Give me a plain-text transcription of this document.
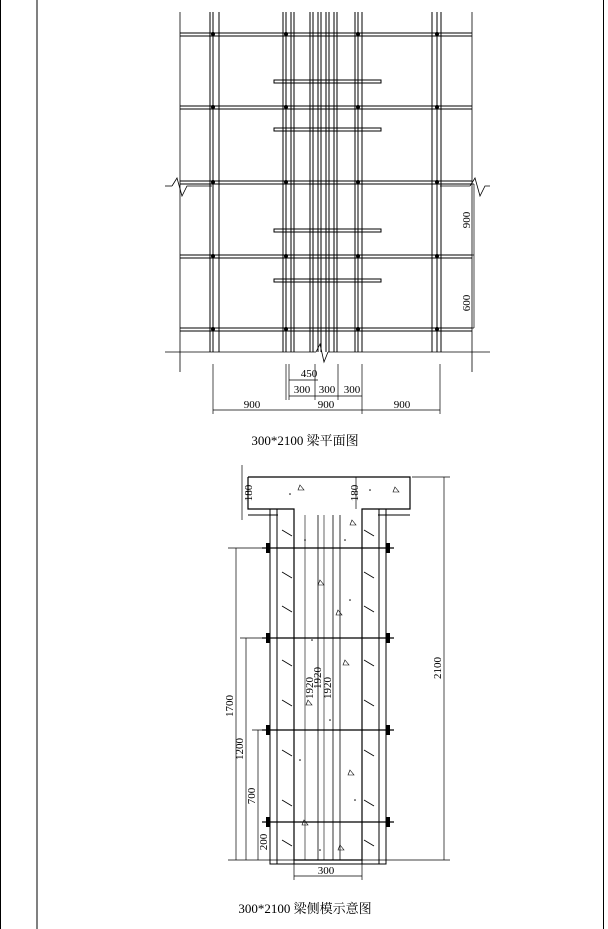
900
600
450
300 300 300
900	900	900
180	180
2100
1700
1200
700
200
1920
1920
1920
300
300*2100 梁平面图
300*2100 梁侧模示意图
